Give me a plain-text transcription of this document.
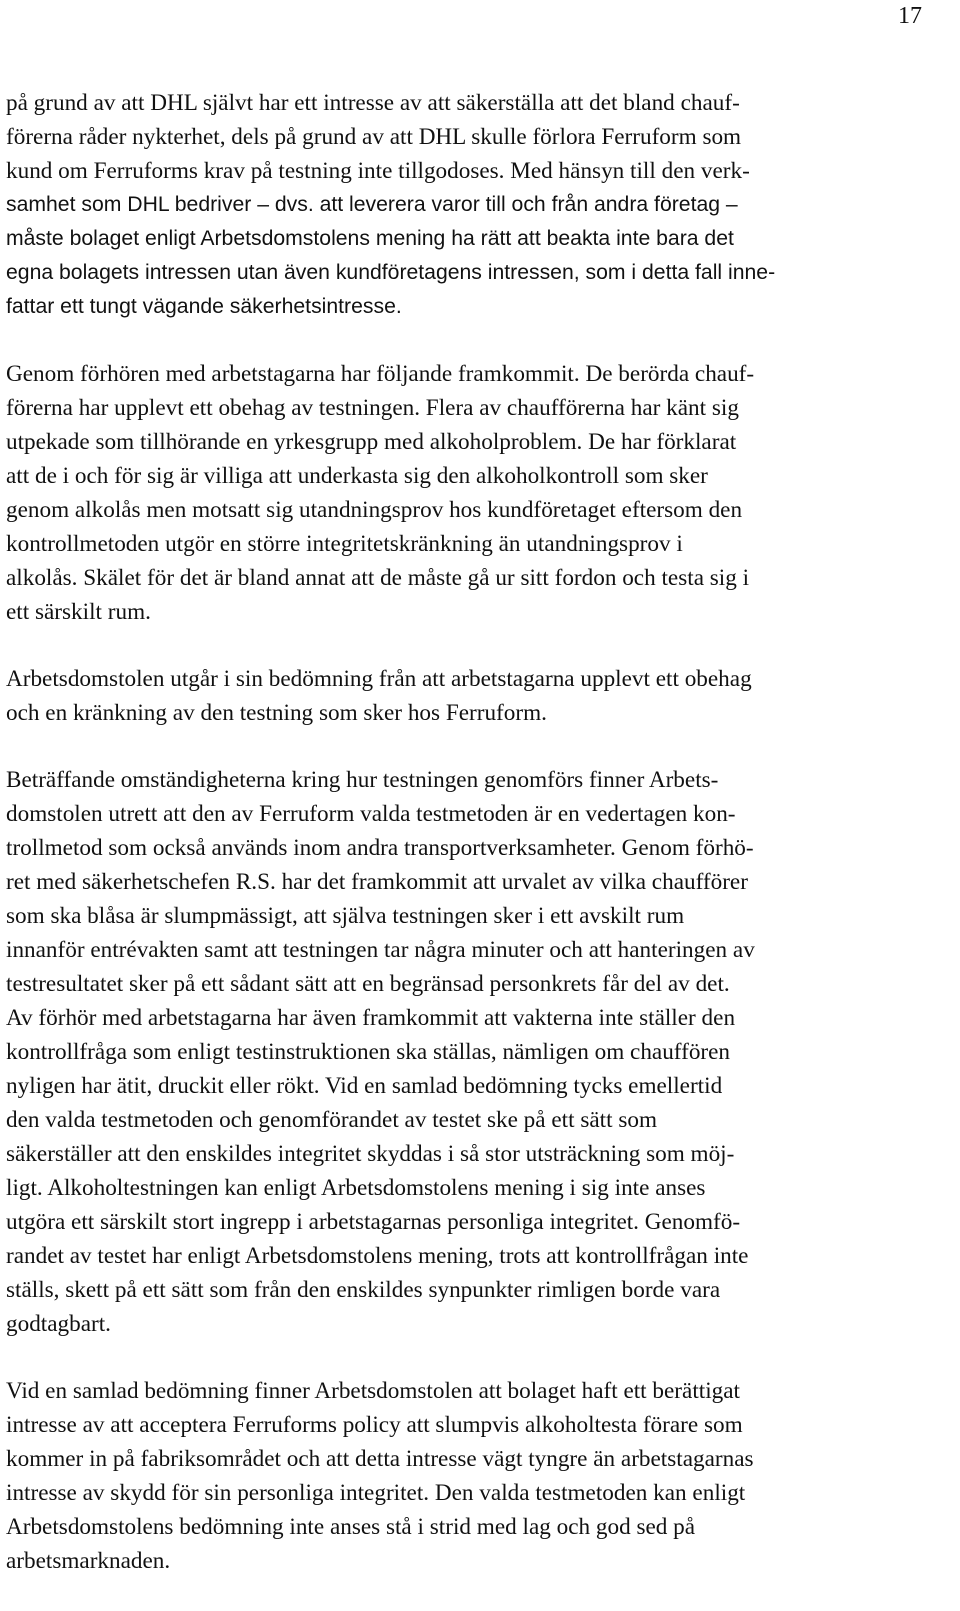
17

på grund av att DHL självt har ett intresse av att säkerställa att det bland chauf-
förerna råder nykterhet, dels på grund av att DHL skulle förlora Ferruform som
kund om Ferruforms krav på testning inte tillgodoses. Med hänsyn till den verk-
samhet som DHL bedriver – dvs. att leverera varor till och från andra företag –
måste bolaget enligt Arbetsdomstolens mening ha rätt att beakta inte bara det
egna bolagets intressen utan även kundföretagens intressen, som i detta fall inne-
fattar ett tungt vägande säkerhetsintresse.

Genom förhören med arbetstagarna har följande framkommit. De berörda chauf-
förerna har upplevt ett obehag av testningen. Flera av chaufförerna har känt sig
utpekade som tillhörande en yrkesgrupp med alkoholproblem. De har förklarat
att de i och för sig är villiga att underkasta sig den alkoholkontroll som sker
genom alkolås men motsatt sig utandningsprov hos kundföretaget eftersom den
kontrollmetoden utgör en större integritetskränkning än utandningsprov i
alkolås. Skälet för det är bland annat att de måste gå ur sitt fordon och testa sig i
ett särskilt rum.

Arbetsdomstolen utgår i sin bedömning från att arbetstagarna upplevt ett obehag
och en kränkning av den testning som sker hos Ferruform.

Beträffande omständigheterna kring hur testningen genomförs finner Arbets-
domstolen utrett att den av Ferruform valda testmetoden är en vedertagen kon-
trollmetod som också används inom andra transportverksamheter. Genom förhö-
ret med säkerhetschefen R.S. har det framkommit att urvalet av vilka chaufförer
som ska blåsa är slumpmässigt, att själva testningen sker i ett avskilt rum
innanför entrévakten samt att testningen tar några minuter och att hanteringen av
testresultatet sker på ett sådant sätt att en begränsad personkrets får del av det.
Av förhör med arbetstagarna har även framkommit att vakterna inte ställer den
kontrollfråga som enligt testinstruktionen ska ställas, nämligen om chauffören
nyligen har ätit, druckit eller rökt. Vid en samlad bedömning tycks emellertid
den valda testmetoden och genomförandet av testet ske på ett sätt som
säkerställer att den enskildes integritet skyddas i så stor utsträckning som möj-
ligt. Alkoholtestningen kan enligt Arbetsdomstolens mening i sig inte anses
utgöra ett särskilt stort ingrepp i arbetstagarnas personliga integritet. Genomfö-
randet av testet har enligt Arbetsdomstolens mening, trots att kontrollfrågan inte
ställs, skett på ett sätt som från den enskildes synpunkter rimligen borde vara
godtagbart.

Vid en samlad bedömning finner Arbetsdomstolen att bolaget haft ett berättigat
intresse av att acceptera Ferruforms policy att slumpvis alkoholtesta förare som
kommer in på fabriksområdet och att detta intresse vägt tyngre än arbetstagarnas
intresse av skydd för sin personliga integritet. Den valda testmetoden kan enligt
Arbetsdomstolens bedömning inte anses stå i strid med lag och god sed på
arbetsmarknaden.
